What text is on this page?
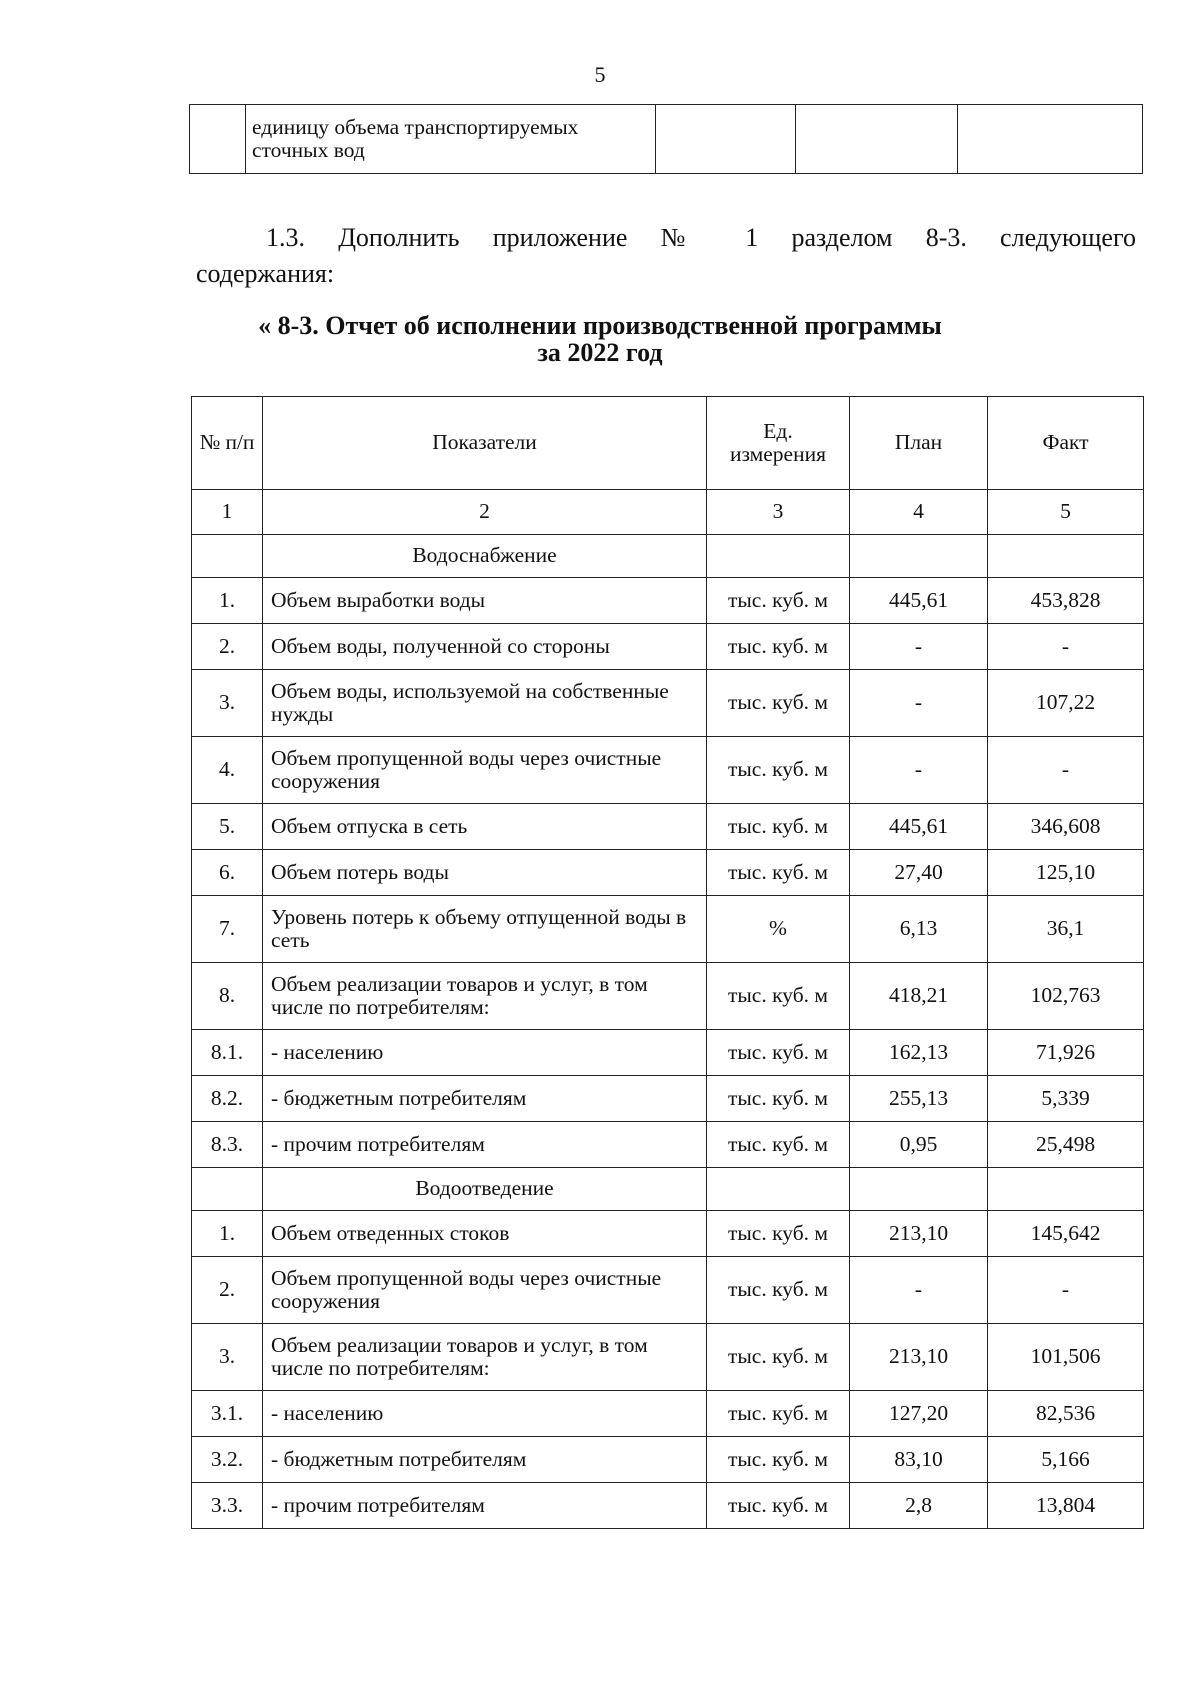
5
	единицу объема транспортируемых сточных вод			
1.3. Дополнить приложение № 1 разделом 8-3. следующего
содержания:
« 8-3. Отчет об исполнении производственной программы
за 2022 год
№ п/п	Показатели	Ед. измерения	План	Факт
1	2	3	4	5
	Водоснабжение			
1.	Объем выработки воды	тыс. куб. м	445,61	453,828
2.	Объем воды, полученной со стороны	тыс. куб. м	-	-
3.	Объем воды, используемой на собственные нужды	тыс. куб. м	-	107,22
4.	Объем пропущенной воды через очистные сооружения	тыс. куб. м	-	-
5.	Объем отпуска в сеть	тыс. куб. м	445,61	346,608
6.	Объем потерь воды	тыс. куб. м	27,40	125,10
7.	Уровень потерь к объему отпущенной воды в сеть	%	6,13	36,1
8.	Объем реализации товаров и услуг, в том числе по потребителям:	тыс. куб. м	418,21	102,763
8.1.	- населению	тыс. куб. м	162,13	71,926
8.2.	- бюджетным потребителям	тыс. куб. м	255,13	5,339
8.3.	- прочим потребителям	тыс. куб. м	0,95	25,498
	Водоотведение			
1.	Объем отведенных стоков	тыс. куб. м	213,10	145,642
2.	Объем пропущенной воды через очистные сооружения	тыс. куб. м	-	-
3.	Объем реализации товаров и услуг, в том числе по потребителям:	тыс. куб. м	213,10	101,506
3.1.	- населению	тыс. куб. м	127,20	82,536
3.2.	- бюджетным потребителям	тыс. куб. м	83,10	5,166
3.3.	- прочим потребителям	тыс. куб. м	2,8	13,804
